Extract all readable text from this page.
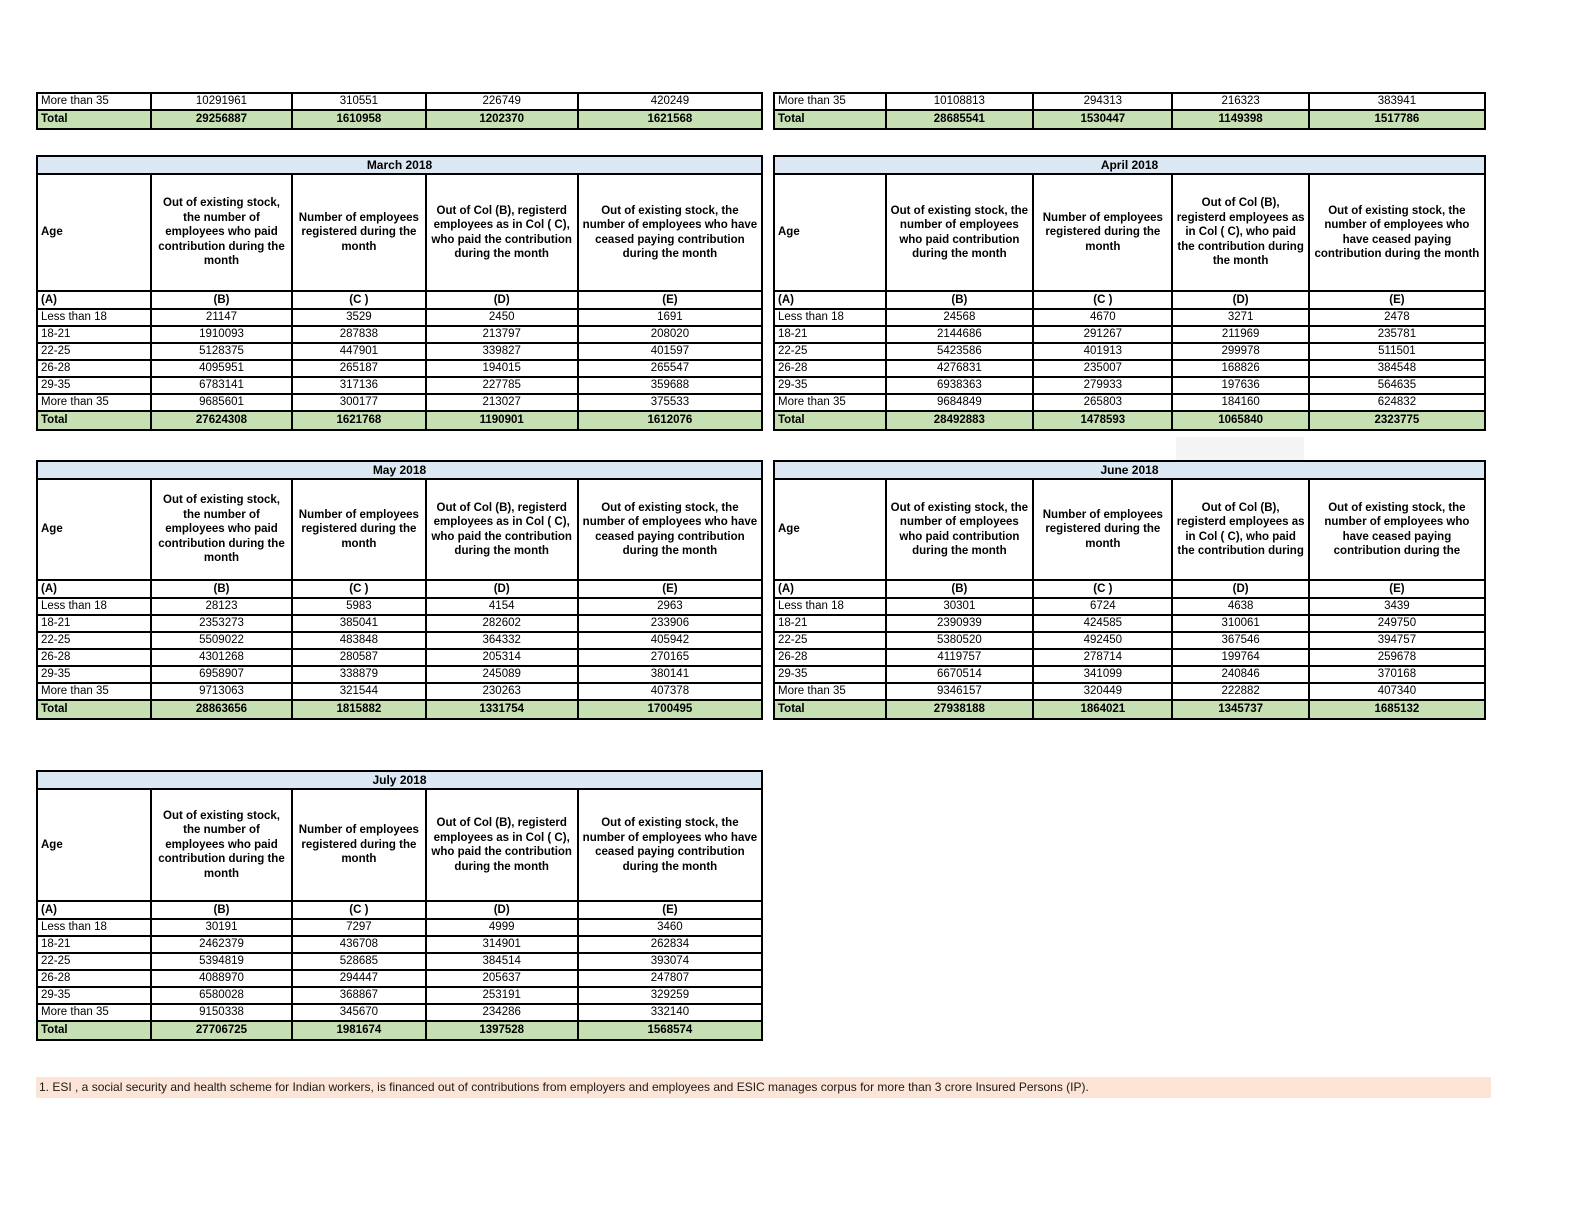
More than 35	10291961	310551	226749	420249
Total	29256887	1610958	1202370	1621568
More than 35	10108813	294313	216323	383941
Total	28685541	1530447	1149398	1517786
March 2018				
Age	Out of existing stock, the number of employees who paid contribution during the month	Number of employees registered during the month	Out of Col (B), registerd employees as in Col ( C), who paid the contribution during the month	Out of existing stock, the number of employees who have ceased paying contribution during the month
(A)	(B)	(C )	(D)	(E)
Less than 18	21147	3529	2450	1691
18-21	1910093	287838	213797	208020
22-25	5128375	447901	339827	401597
26-28	4095951	265187	194015	265547
29-35	6783141	317136	227785	359688
More than 35	9685601	300177	213027	375533
Total	27624308	1621768	1190901	1612076
April 2018				
Age	Out of existing stock, the number of employees who paid contribution during the month	Number of employees registered during the month	Out of Col (B), registerd employees as in Col ( C), who paid the contribution during the month	Out of existing stock, the number of employees who have ceased paying contribution during the month
(A)	(B)	(C )	(D)	(E)
Less than 18	24568	4670	3271	2478
18-21	2144686	291267	211969	235781
22-25	5423586	401913	299978	511501
26-28	4276831	235007	168826	384548
29-35	6938363	279933	197636	564635
More than 35	9684849	265803	184160	624832
Total	28492883	1478593	1065840	2323775
May 2018				
Age	Out of existing stock, the number of employees who paid contribution during the month	Number of employees registered during the month	Out of Col (B), registerd employees as in Col ( C), who paid the contribution during the month	Out of existing stock, the number of employees who have ceased paying contribution during the month
(A)	(B)	(C )	(D)	(E)
Less than 18	28123	5983	4154	2963
18-21	2353273	385041	282602	233906
22-25	5509022	483848	364332	405942
26-28	4301268	280587	205314	270165
29-35	6958907	338879	245089	380141
More than 35	9713063	321544	230263	407378
Total	28863656	1815882	1331754	1700495
June 2018				
Age	Out of existing stock, the number of employees who paid contribution during the month	Number of employees registered during the month	Out of Col (B), registerd employees as in Col ( C), who paid the contribution during	Out of existing stock, the number of employees who have ceased paying contribution during the
(A)	(B)	(C )	(D)	(E)
Less than 18	30301	6724	4638	3439
18-21	2390939	424585	310061	249750
22-25	5380520	492450	367546	394757
26-28	4119757	278714	199764	259678
29-35	6670514	341099	240846	370168
More than 35	9346157	320449	222882	407340
Total	27938188	1864021	1345737	1685132
July 2018				
Age	Out of existing stock, the number of employees who paid contribution during the month	Number of employees registered during the month	Out of Col (B), registerd employees as in Col ( C), who paid the contribution during the month	Out of existing stock, the number of employees who have ceased paying contribution during the month
(A)	(B)	(C )	(D)	(E)
Less than 18	30191	7297	4999	3460
18-21	2462379	436708	314901	262834
22-25	5394819	528685	384514	393074
26-28	4088970	294447	205637	247807
29-35	6580028	368867	253191	329259
More than 35	9150338	345670	234286	332140
Total	27706725	1981674	1397528	1568574
1. ESI , a social security and health scheme for Indian workers, is financed out of contributions from employers and employees and ESIC manages corpus for more than 3 crore Insured Persons (IP).
